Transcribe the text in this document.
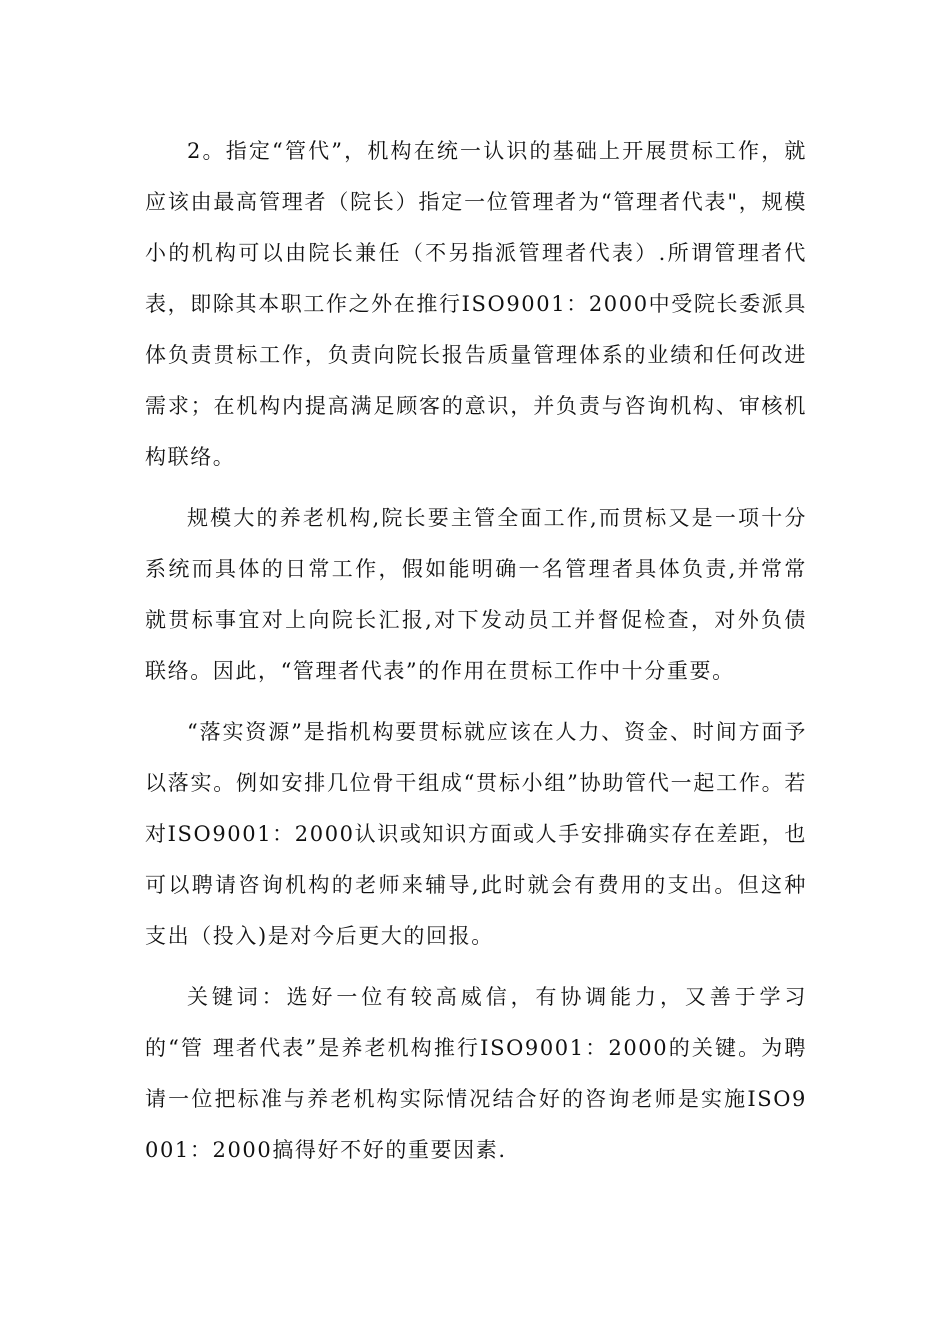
2。指定“管代”，机构在统一认识的基础上开展贯标工作，就应该由最高管理者（院长）指定一位管理者为“管理者代表"，规模小的机构可以由院长兼任（不另指派管理者代表）.所谓管理者代表，即除其本职工作之外在推行ISO9001：2000中受院长委派具体负责贯标工作，负责向院长报告质量管理体系的业绩和任何改进需求；在机构内提高满足顾客的意识，并负责与咨询机构、审核机构联络。

规模大的养老机构,院长要主管全面工作,而贯标又是一项十分系统而具体的日常工作，假如能明确一名管理者具体负责,并常常就贯标事宜对上向院长汇报,对下发动员工并督促检查，对外负债联络。因此，“管理者代表”的作用在贯标工作中十分重要。

“落实资源”是指机构要贯标就应该在人力、资金、时间方面予以落实。例如安排几位骨干组成“贯标小组”协助管代一起工作。若对ISO9001：2000认识或知识方面或人手安排确实存在差距，也可以聘请咨询机构的老师来辅导,此时就会有费用的支出。但这种支出（投入)是对今后更大的回报。

关键词：选好一位有较高威信，有协调能力，又善于学习的“管 理者代表”是养老机构推行ISO9001：2000的关键。为聘请一位把标准与养老机构实际情况结合好的咨询老师是实施ISO9001：2000搞得好不好的重要因素.
